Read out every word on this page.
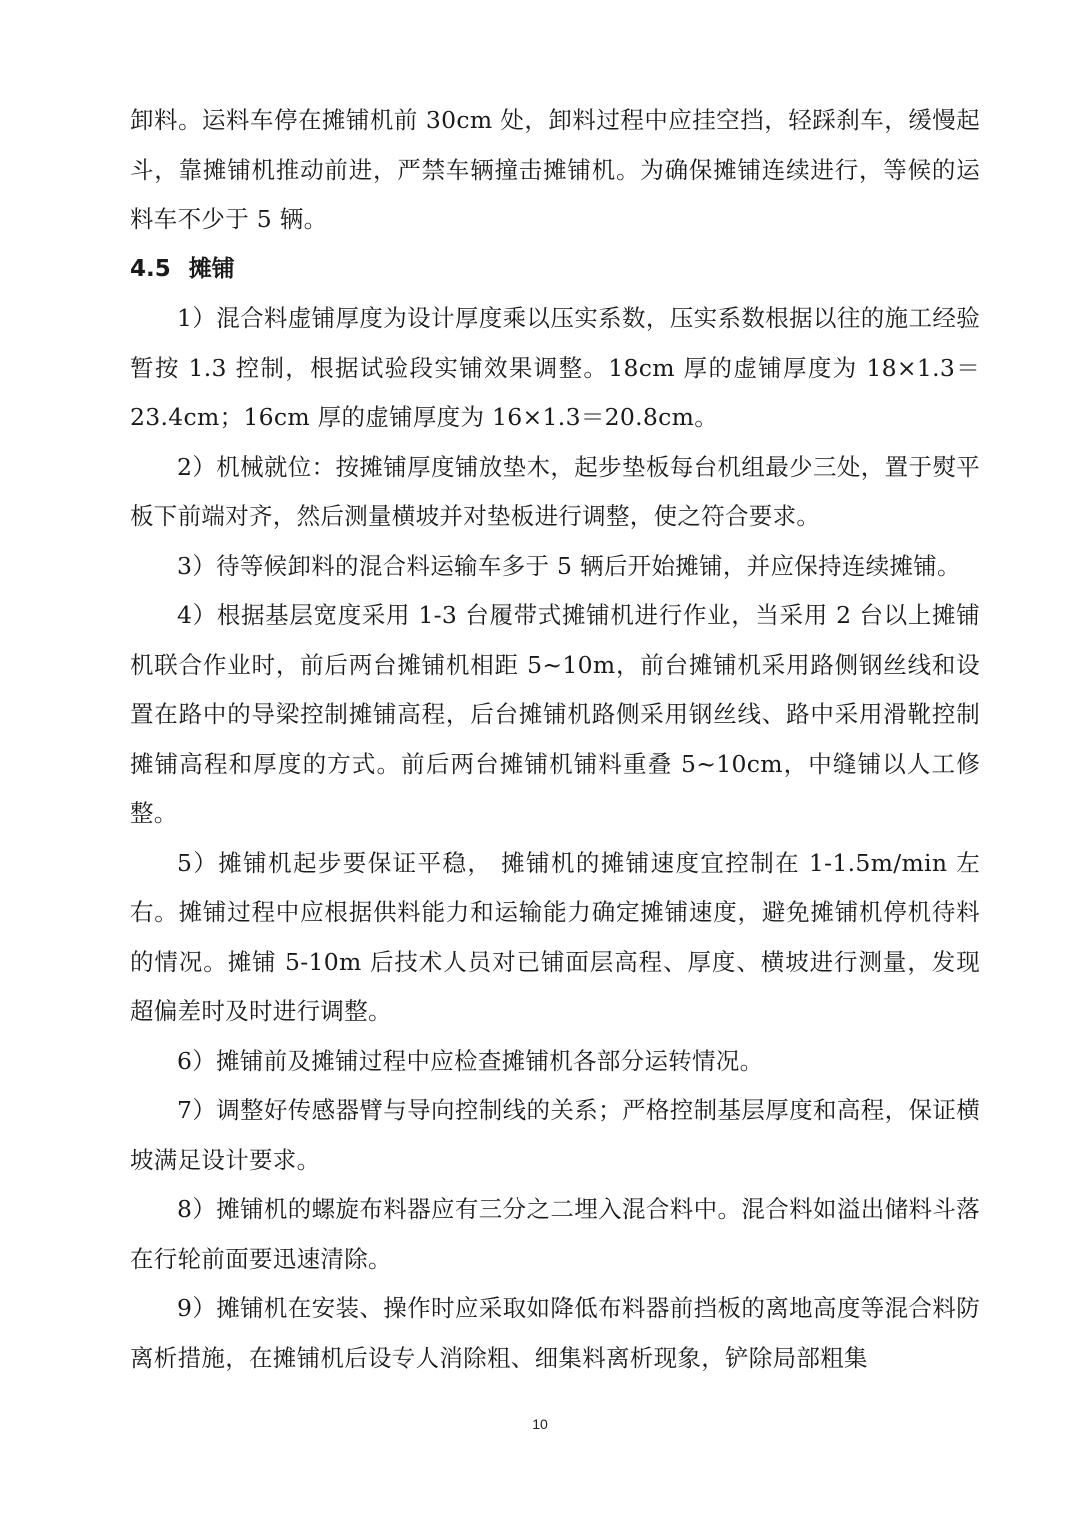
卸料。运料车停在摊铺机前 30cm 处，卸料过程中应挂空挡，轻踩刹车，缓慢起斗，靠摊铺机推动前进，严禁车辆撞击摊铺机。为确保摊铺连续进行，等候的运料车不少于 5 辆。

4.5 摊铺

1）混合料虚铺厚度为设计厚度乘以压实系数，压实系数根据以往的施工经验暂按 1.3 控制，根据试验段实铺效果调整。18cm 厚的虚铺厚度为 18×1.3＝23.4cm；16cm 厚的虚铺厚度为 16×1.3＝20.8cm。

2）机械就位：按摊铺厚度铺放垫木，起步垫板每台机组最少三处，置于熨平板下前端对齐，然后测量横坡并对垫板进行调整，使之符合要求。

3）待等候卸料的混合料运输车多于 5 辆后开始摊铺，并应保持连续摊铺。

4）根据基层宽度采用 1-3 台履带式摊铺机进行作业，当采用 2 台以上摊铺机联合作业时，前后两台摊铺机相距 5~10m，前台摊铺机采用路侧钢丝线和设置在路中的导梁控制摊铺高程，后台摊铺机路侧采用钢丝线、路中采用滑靴控制摊铺高程和厚度的方式。前后两台摊铺机铺料重叠 5~10cm，中缝铺以人工修整。

5）摊铺机起步要保证平稳， 摊铺机的摊铺速度宜控制在 1-1.5m/min 左右。摊铺过程中应根据供料能力和运输能力确定摊铺速度，避免摊铺机停机待料的情况。摊铺 5-10m 后技术人员对已铺面层高程、厚度、横坡进行测量，发现超偏差时及时进行调整。

6）摊铺前及摊铺过程中应检查摊铺机各部分运转情况。

7）调整好传感器臂与导向控制线的关系；严格控制基层厚度和高程，保证横坡满足设计要求。

8）摊铺机的螺旋布料器应有三分之二埋入混合料中。混合料如溢出储料斗落在行轮前面要迅速清除。

9）摊铺机在安装、操作时应采取如降低布料器前挡板的离地高度等混合料防离析措施，在摊铺机后设专人消除粗、细集料离析现象，铲除局部粗集

10
